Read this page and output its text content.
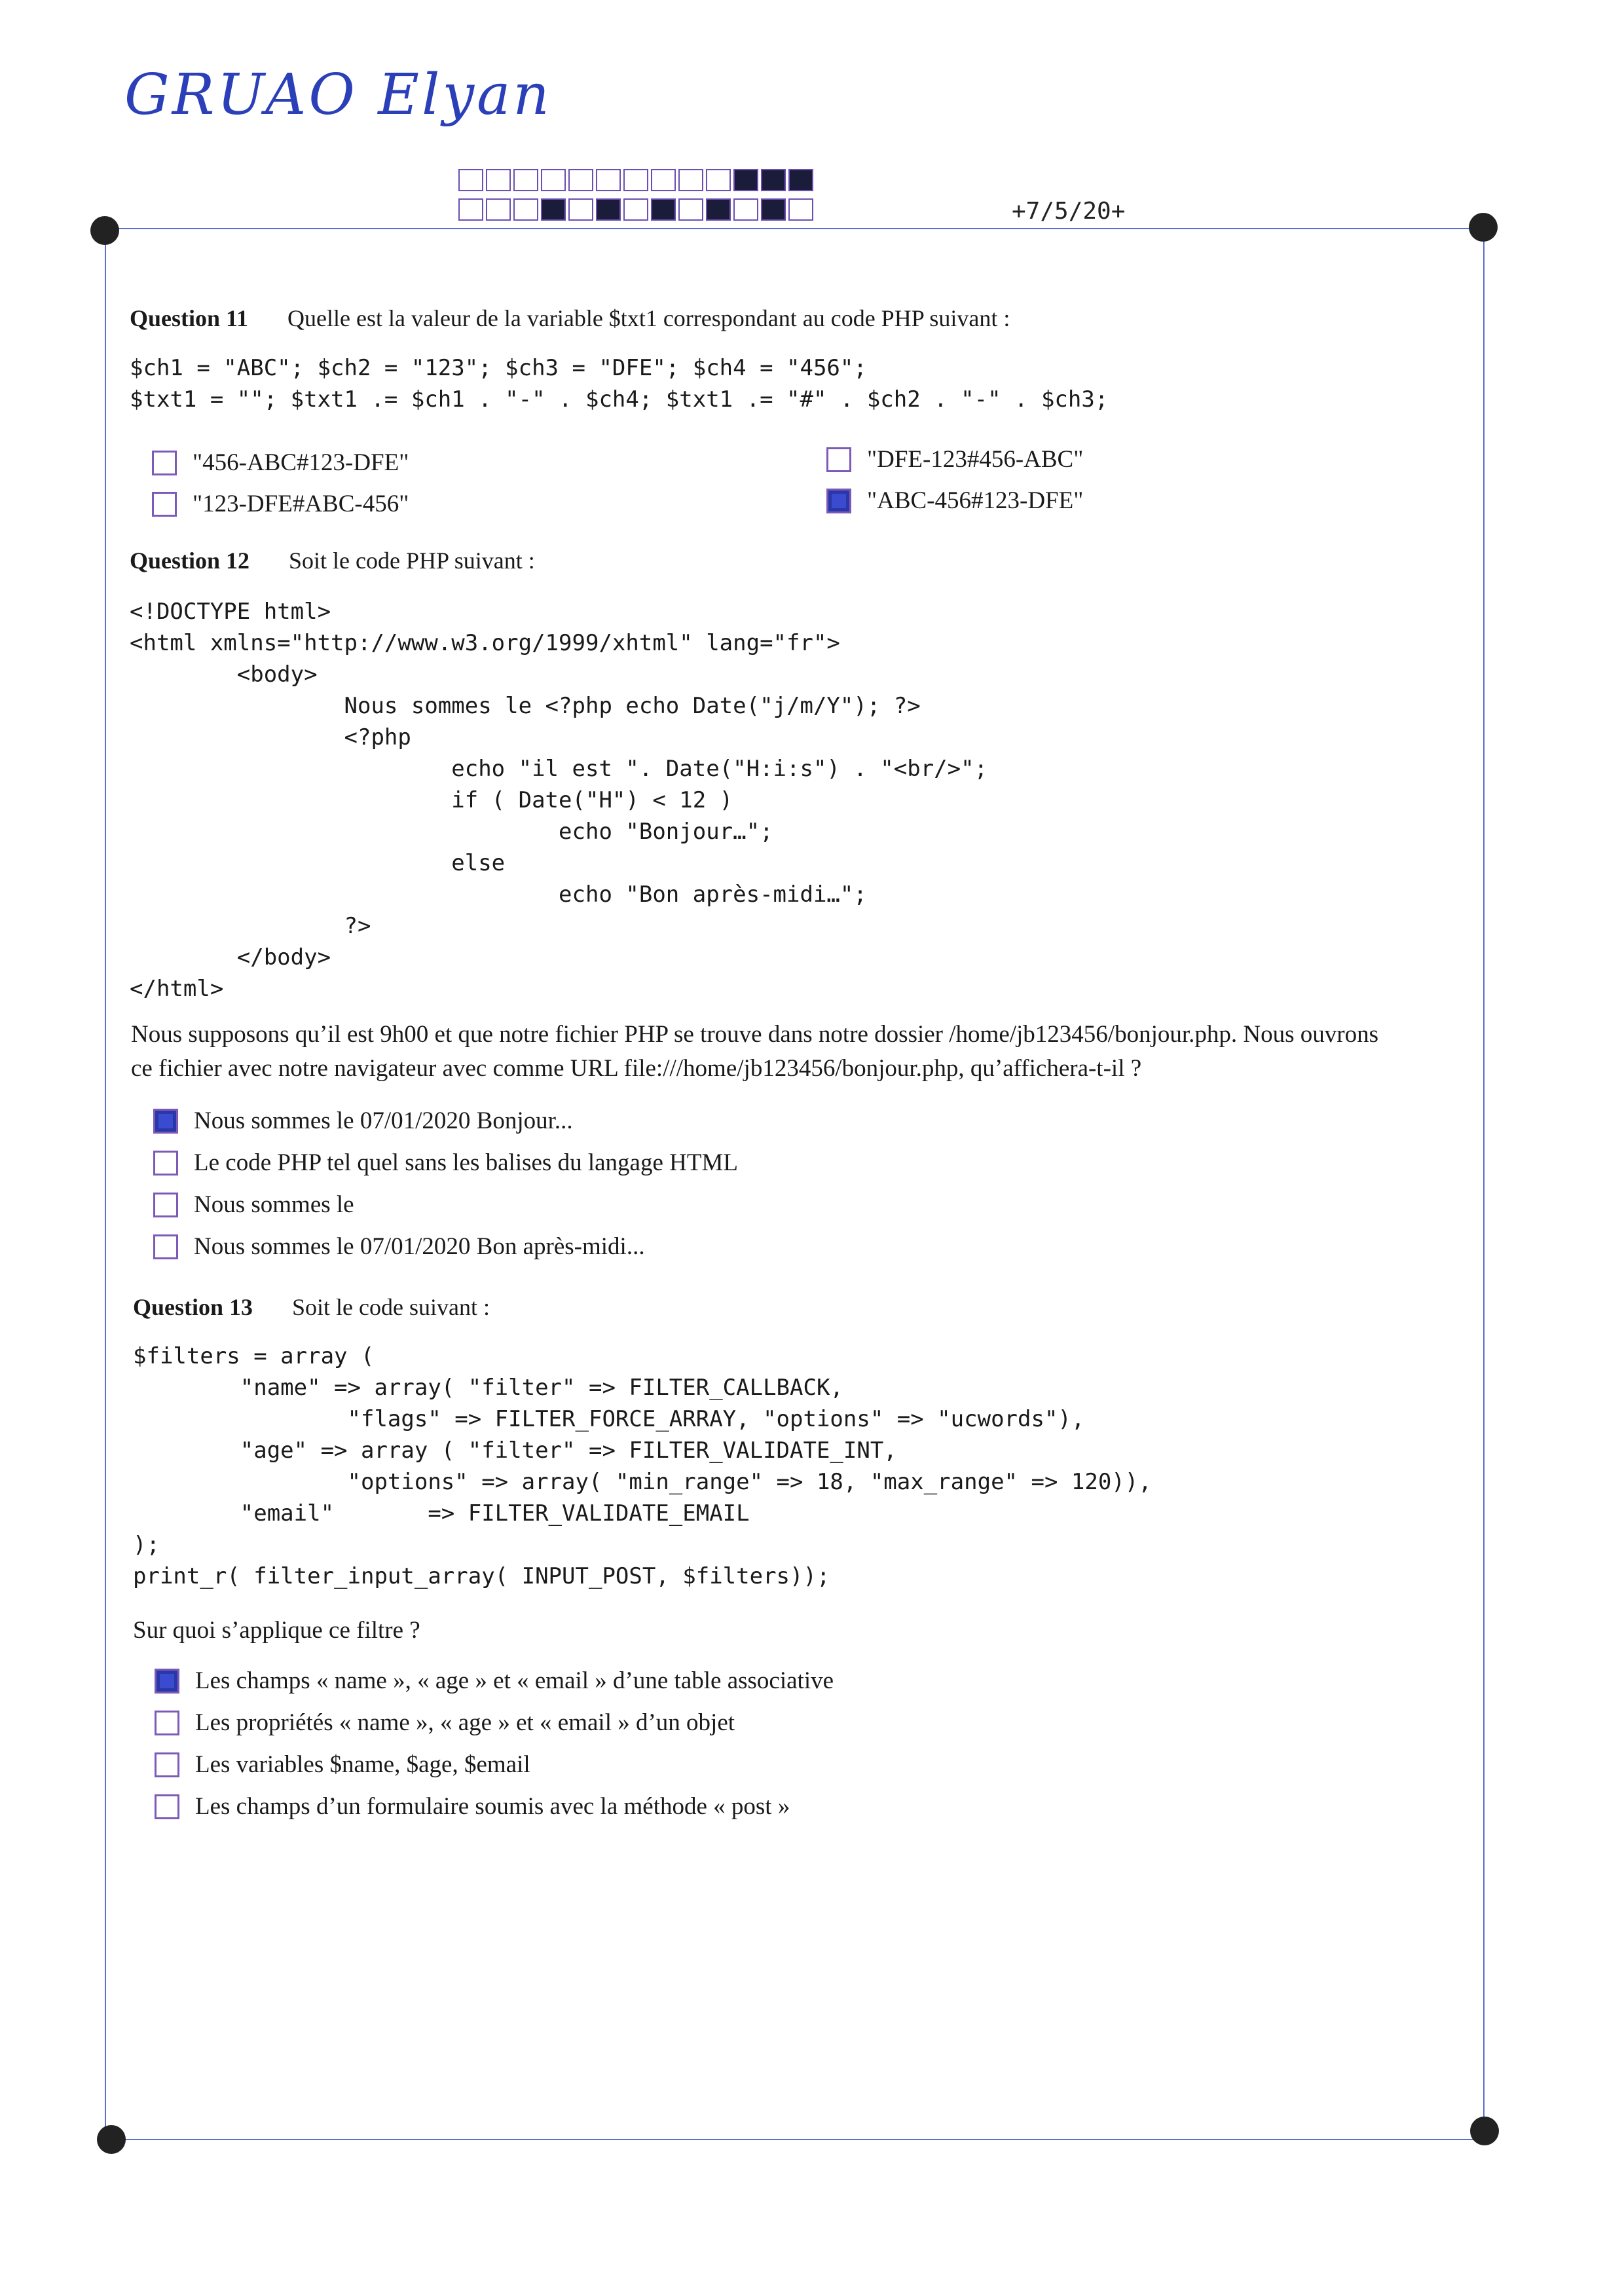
GRUAO Elyan
+7/5/20+
Question 11 Quelle est la valeur de la variable $txt1 correspondant au code PHP suivant :
$ch1 = "ABC"; $ch2 = "123"; $ch3 = "DFE"; $ch4 = "456";
$txt1 = ""; $txt1 .= $ch1 . "-" . $ch4; $txt1 .= "#" . $ch2 . "-" . $ch3;
"456-ABC#123-DFE"
"123-DFE#ABC-456"
"DFE-123#456-ABC"
"ABC-456#123-DFE"
Question 12 Soit le code PHP suivant :
<!DOCTYPE html>
<html xmlns="http://www.w3.org/1999/xhtml" lang="fr">
<body>
Nous sommes le <?php echo Date("j/m/Y"); ?>
<?php
echo "il est ". Date("H:i:s") . "<br/>";
if ( Date("H") < 12 )
echo "Bonjour…";
else
echo "Bon après-midi…";
?>
</body>
</html>
Nous supposons qu’il est 9h00 et que notre fichier PHP se trouve dans notre dossier /home/jb123456/bonjour.php. Nous ouvrons
ce fichier avec notre navigateur avec comme URL file:///home/jb123456/bonjour.php, qu’affichera-t-il ?
Nous sommes le 07/01/2020 Bonjour...
Le code PHP tel quel sans les balises du langage HTML
Nous sommes le
Nous sommes le 07/01/2020 Bon après-midi...
Question 13 Soit le code suivant :
$filters = array (
"name" => array( "filter" => FILTER_CALLBACK,
"flags" => FILTER_FORCE_ARRAY, "options" => "ucwords"),
"age" => array ( "filter" => FILTER_VALIDATE_INT,
"options" => array( "min_range" => 18, "max_range" => 120)),
"email"       => FILTER_VALIDATE_EMAIL
);
print_r( filter_input_array( INPUT_POST, $filters));
Sur quoi s’applique ce filtre ?
Les champs « name », « age » et « email » d’une table associative
Les propriétés « name », « age » et « email » d’un objet
Les variables $name, $age, $email
Les champs d’un formulaire soumis avec la méthode « post »
